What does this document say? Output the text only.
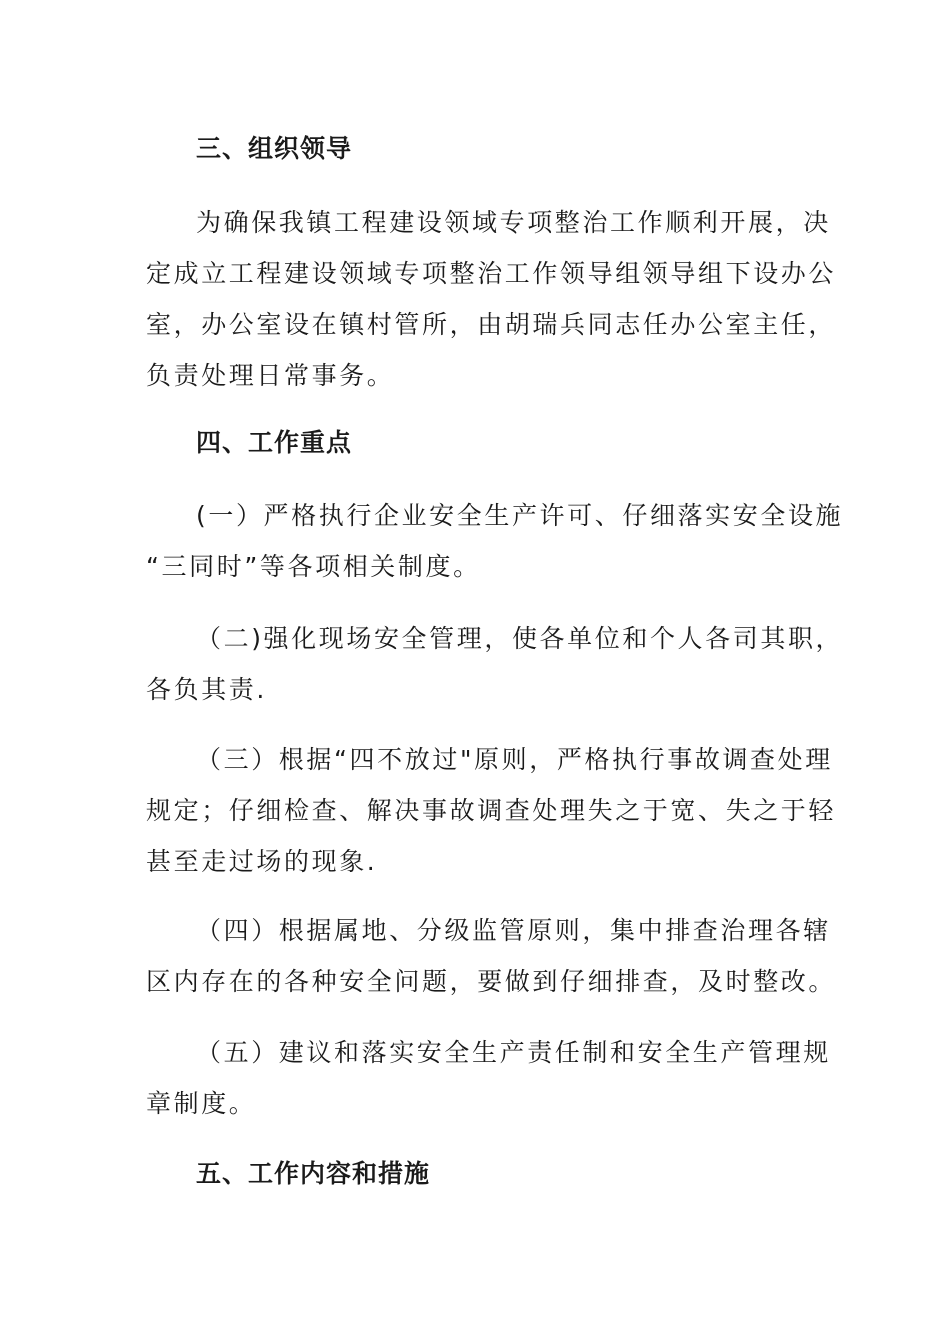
三、组织领导
为确保我镇工程建设领域专项整治工作顺利开展，决
定成立工程建设领域专项整治工作领导组领导组下设办公
室，办公室设在镇村管所，由胡瑞兵同志任办公室主任，
负责处理日常事务。
四、工作重点
(一）严格执行企业安全生产许可、仔细落实安全设施
“三同时”等各项相关制度。
（二)强化现场安全管理，使各单位和个人各司其职，
各负其责.
（三）根据“四不放过"原则，严格执行事故调查处理
规定；仔细检查、解决事故调查处理失之于宽、失之于轻
甚至走过场的现象.
（四）根据属地、分级监管原则，集中排查治理各辖
区内存在的各种安全问题，要做到仔细排查，及时整改。
（五）建议和落实安全生产责任制和安全生产管理规
章制度。
五、工作内容和措施
